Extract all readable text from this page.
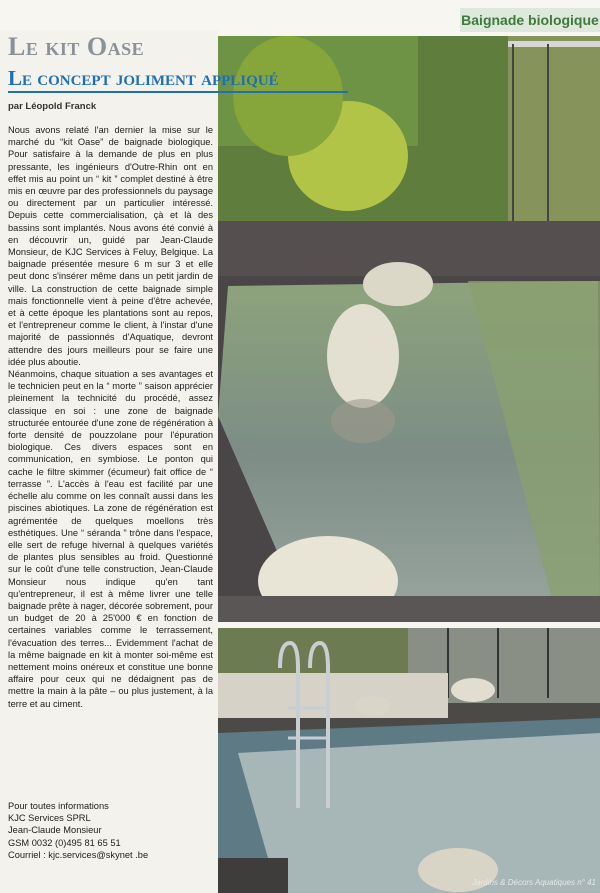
Baignade biologique
Le kit Oase
Le concept joliment appliqué
par Léopold Franck

Nous avons relaté l'an dernier la mise sur le marché du “kit Oase” de baignade biologique. Pour satisfaire à la demande de plus en plus pressante, les ingénieurs d'Outre-Rhin ont en effet mis au point un “ kit ” complet destiné à être mis en œuvre par des professionnels du paysage ou directement par un particulier intéressé. Depuis cette commercialisation, çà et là des bassins sont implantés. Nous avons été convié à en découvrir un, guidé par Jean-Claude Monsieur, de KJC Services à Feluy, Belgique. La baignade présentée mesure 6 m sur 3 et elle peut donc s'insérer même dans un petit jardin de ville. La construction de cette baignade simple mais fonctionnelle vient à peine d'être achevée, et à cette époque les plantations sont au repos, et l'entrepreneur comme le client, à l'instar d'une majorité de passionnés d'Aquatique, devront attendre des jours meilleurs pour se faire une idée plus aboutie.

Néanmoins, chaque situation a ses avantages et le technicien peut en la “ morte ” saison apprécier pleinement la technicité du procédé, assez classique en soi : une zone de baignade structurée entourée d'une zone de régénération à forte densité de pouzzolane pour l'épuration biologique. Ces divers espaces sont en communication, en symbiose. Le ponton qui cache le filtre skimmer (écumeur) fait office de “ terrasse ”. L'accès à l'eau est facilité par une échelle alu comme on les connaît aussi dans les piscines abiotiques. La zone de régénération est agrémentée de quelques moellons très esthétiques. Une “ séranda ” trône dans l'espace, elle sert de refuge hivernal à quelques variétés de plantes plus sensibles au froid. Questionné sur le coût d'une telle construction, Jean-Claude Monsieur nous indique qu'en tant qu'entrepreneur, il est à même livrer une telle baignade prête à nager, décorée sobrement, pour un budget de 20 à 25'000 € en fonction de certaines variables comme le terrassement, l'évacuation des terres... Evidemment l'achat de la même baignade en kit à monter soi-même est nettement moins onéreux et constitue une bonne affaire pour ceux qui ne dédaignent pas de mettre la main à la pâte – ou plus justement, à la terre et au ciment.

Pour toutes informations
KJC Services SPRL
Jean-Claude Monsieur
GSM 0032 (0)495 81 65 51
Courriel : kjc.services@skynet .be
Jardins & Décors Aquatiques n° 41
